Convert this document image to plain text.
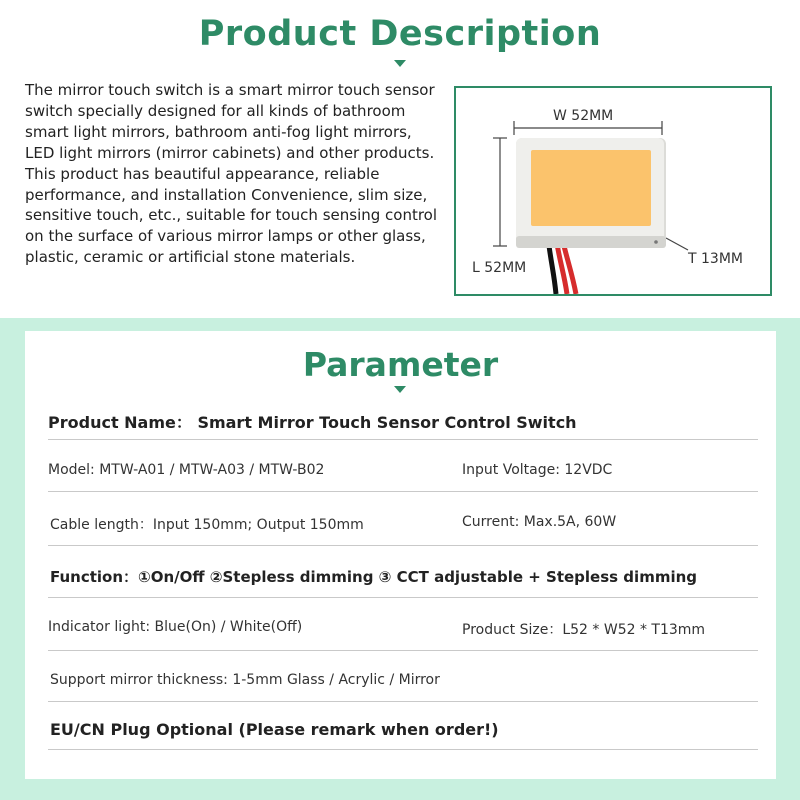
Product Description

The mirror touch switch is a smart mirror touch sensor switch specially designed for all kinds of bathroom smart light mirrors, bathroom anti-fog light mirrors, LED light mirrors (mirror cabinets) and other products.

This product has beautiful appearance, reliable performance, and installation Convenience, slim size, sensitive touch, etc., suitable for touch sensing control on the surface of various mirror lamps or other glass, plastic, ceramic or artificial stone materials.

W 52MM
L 52MM
T 13MM
Parameter
Product Name： Smart Mirror Touch Sensor Control Switch
Model: MTW-A01 / MTW-A03 / MTW-B02	Input Voltage: 12VDC
Cable length：Input 150mm; Output 150mm	Current: Max.5A, 60W
Function：①On/Off ②Stepless dimming ③ CCT adjustable + Stepless dimming
Indicator light: Blue(On) / White(Off)	Product Size：L52 * W52 * T13mm
Support mirror thickness: 1-5mm Glass / Acrylic / Mirror
EU/CN Plug Optional (Please remark when order!)
